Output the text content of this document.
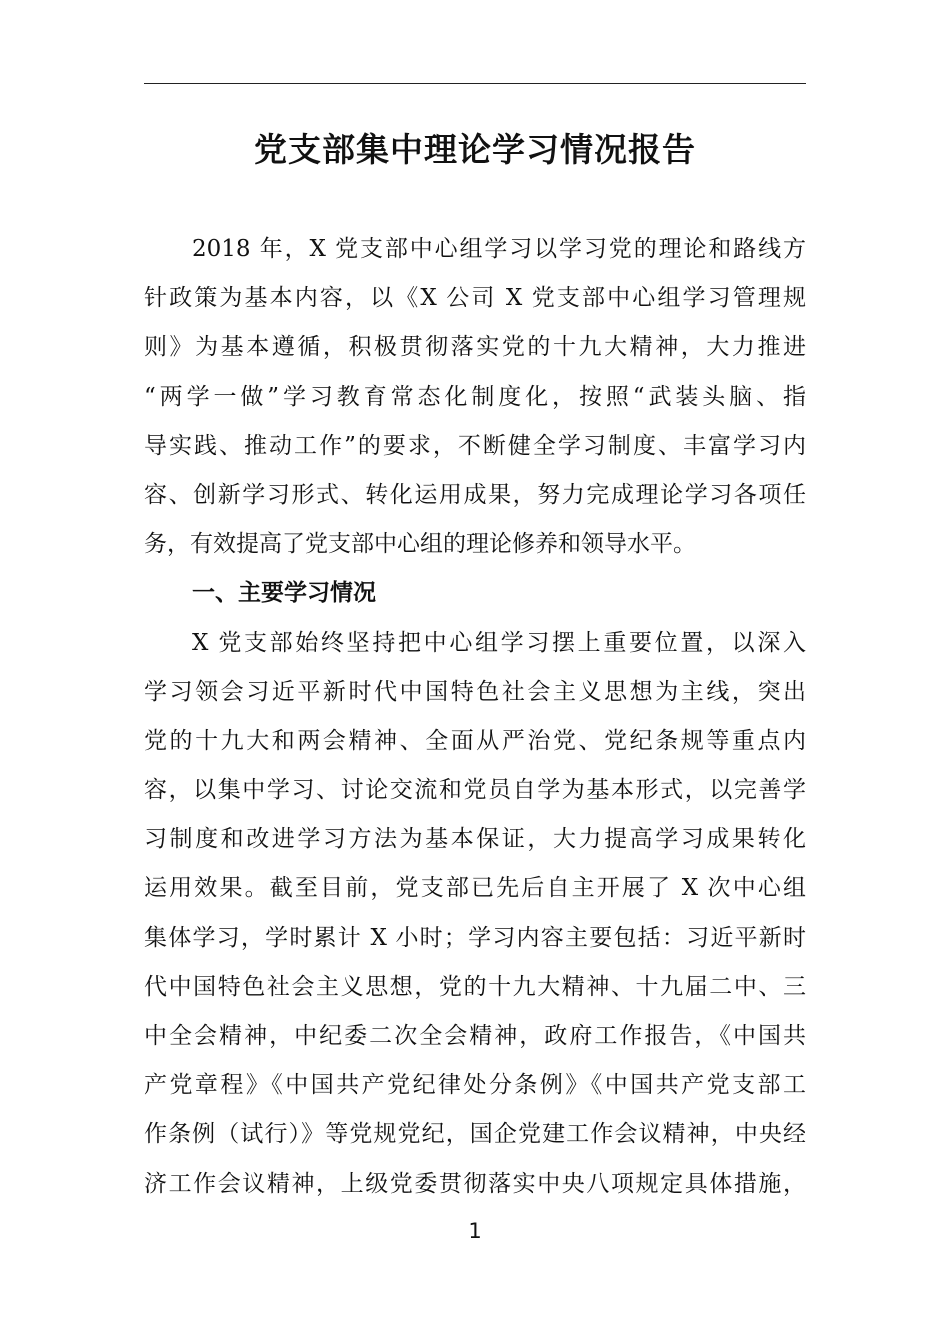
党支部集中理论学习情况报告
2018 年，X 党支部中心组学习以学习党的理论和路线方
针政策为基本内容，以《X 公司 X 党支部中心组学习管理规
则》为基本遵循，积极贯彻落实党的十九大精神，大力推进
“两学一做”学习教育常态化制度化，按照“武装头脑、指
导实践、推动工作”的要求，不断健全学习制度、丰富学习内
容、创新学习形式、转化运用成果，努力完成理论学习各项任
务，有效提高了党支部中心组的理论修养和领导水平。
一、主要学习情况
X 党支部始终坚持把中心组学习摆上重要位置，以深入
学习领会习近平新时代中国特色社会主义思想为主线，突出
党的十九大和两会精神、全面从严治党、党纪条规等重点内
容，以集中学习、讨论交流和党员自学为基本形式，以完善学
习制度和改进学习方法为基本保证，大力提高学习成果转化
运用效果。截至目前，党支部已先后自主开展了 X 次中心组
集体学习，学时累计 X 小时；学习内容主要包括：习近平新时
代中国特色社会主义思想，党的十九大精神、十九届二中、三
中全会精神，中纪委二次全会精神，政府工作报告，《中国共
产党章程》《中国共产党纪律处分条例》《中国共产党支部工
作条例（试行）》等党规党纪，国企党建工作会议精神，中央经
济工作会议精神，上级党委贯彻落实中央八项规定具体措施，
1
